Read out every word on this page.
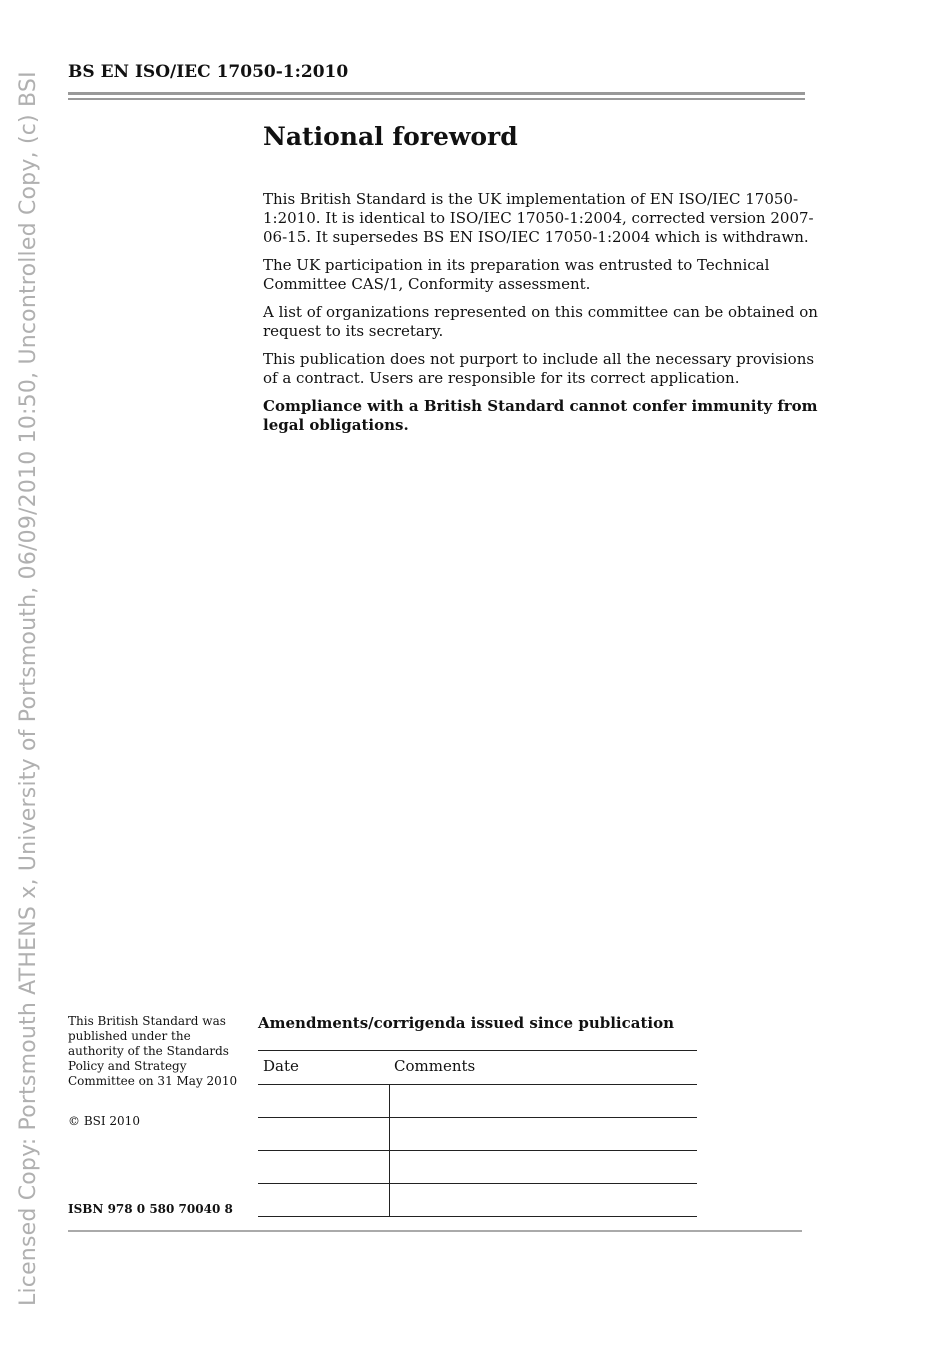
Licensed Copy: Portsmouth ATHENS x, University of Portsmouth, 06/09/2010 10:50, Uncontrolled Copy, (c) BSI BS EN ISO/IEC 17050-1:2010
National foreword

This British Standard is the UK implementation of EN ISO/IEC 17050-1:2010. It is identical to ISO/IEC 17050-1:2004, corrected version 2007-06-15. It supersedes BS EN ISO/IEC 17050-1:2004 which is withdrawn.

The UK participation in its preparation was entrusted to Technical Committee CAS/1, Conformity assessment.

A list of organizations represented on this committee can be obtained on request to its secretary.

This publication does not purport to include all the necessary provisions of a contract. Users are responsible for its correct application.

Compliance with a British Standard cannot confer immunity from legal obligations.

This British Standard was published under the authority of the Standards Policy and Strategy Committee on 31 May 2010

© BSI 2010
ISBN 978 0 580 70040 8
Amendments/corrigenda issued since publication
Date	Comments
